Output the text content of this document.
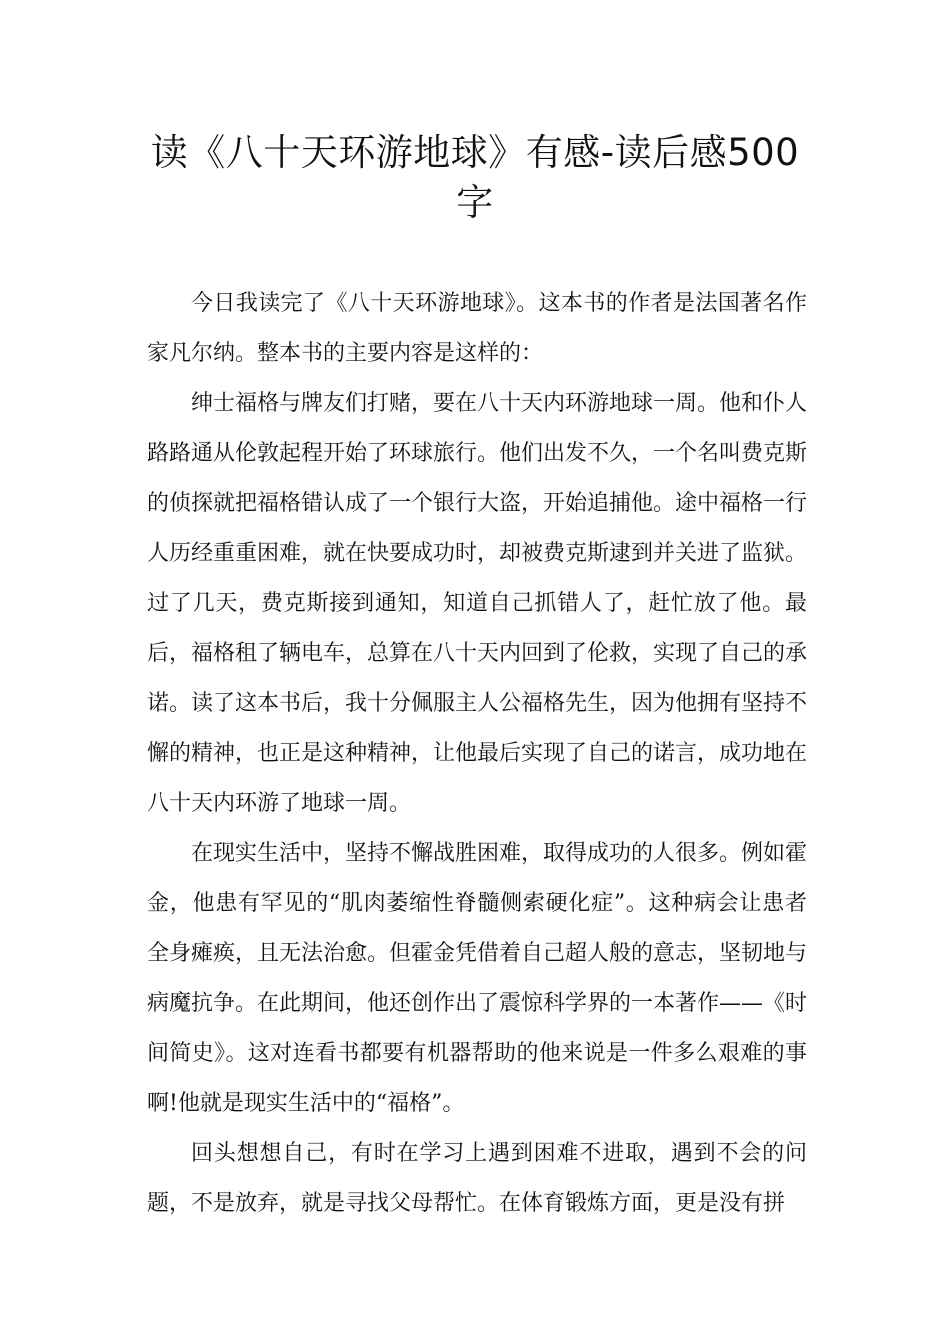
读《八十天环游地球》有感-读后感500字

今日我读完了《八十天环游地球》。这本书的作者是法国著名作家凡尔纳。整本书的主要内容是这样的：

绅士福格与牌友们打赌，要在八十天内环游地球一周。他和仆人路路通从伦敦起程开始了环球旅行。他们出发不久，一个名叫费克斯的侦探就把福格错认成了一个银行大盗，开始追捕他。途中福格一行人历经重重困难，就在快要成功时，却被费克斯逮到并关进了监狱。过了几天，费克斯接到通知，知道自己抓错人了，赶忙放了他。最后，福格租了辆电车，总算在八十天内回到了伦救，实现了自己的承诺。读了这本书后，我十分佩服主人公福格先生，因为他拥有坚持不懈的精神，也正是这种精神，让他最后实现了自己的诺言，成功地在八十天内环游了地球一周。

在现实生活中，坚持不懈战胜困难，取得成功的人很多。例如霍金，他患有罕见的“肌肉萎缩性脊髓侧索硬化症”。这种病会让患者全身瘫痪，且无法治愈。但霍金凭借着自己超人般的意志，坚韧地与病魔抗争。在此期间，他还创作出了震惊科学界的一本著作——《时间简史》。这对连看书都要有机器帮助的他来说是一件多么艰难的事啊!他就是现实生活中的“福格”。

回头想想自己，有时在学习上遇到困难不进取，遇到不会的问题，不是放弃，就是寻找父母帮忙。在体育锻炼方面，更是没有拼
